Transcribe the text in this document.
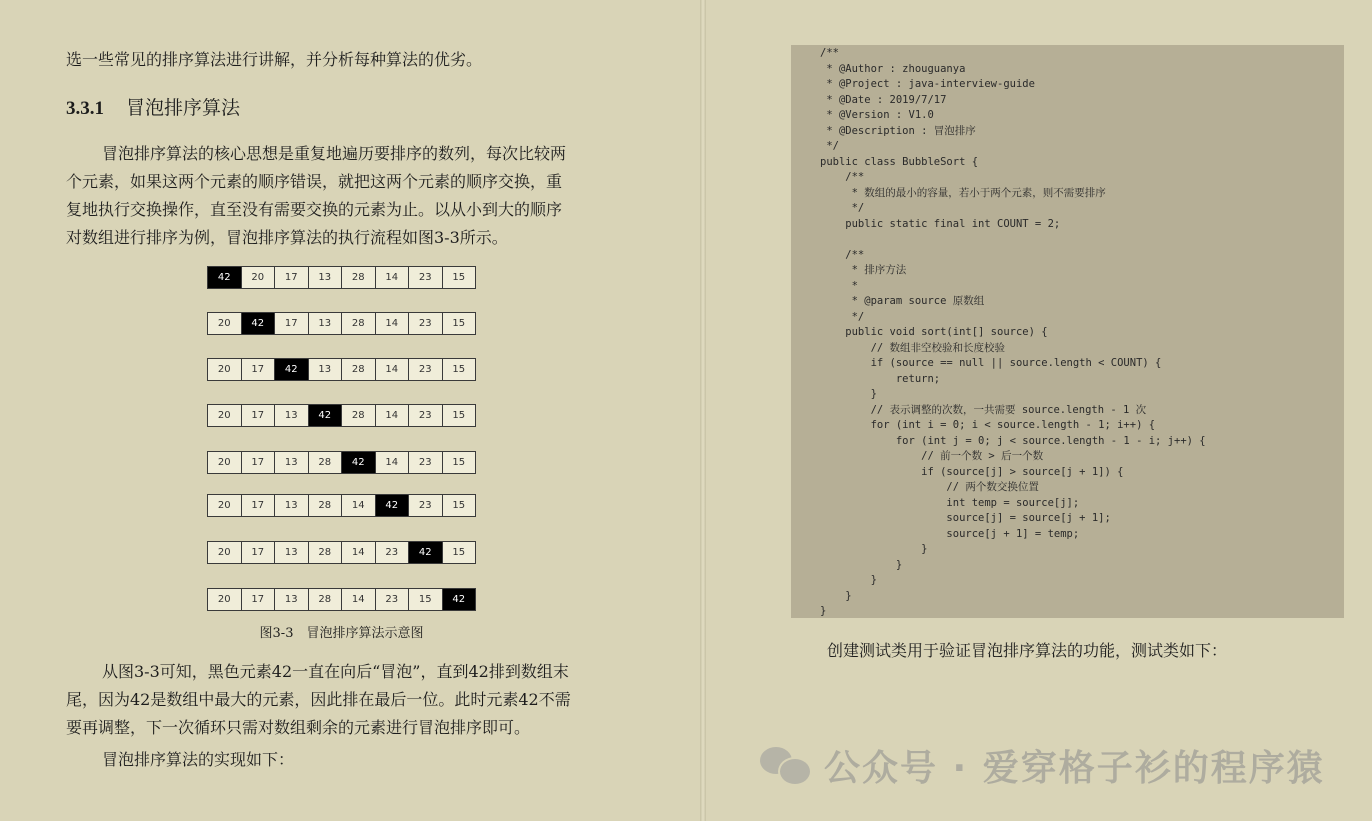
选一些常见的排序算法进行讲解，并分析每种算法的优劣。
3.3.1 冒泡排序算法
冒泡排序算法的核心思想是重复地遍历要排序的数列，每次比较两
个元素，如果这两个元素的顺序错误，就把这两个元素的顺序交换，重
复地执行交换操作，直至没有需要交换的元素为止。以从小到大的顺序
对数组进行排序为例，冒泡排序算法的执行流程如图3-3所示。
42	20	17	13	28	14	23	15
20	42	17	13	28	14	23	15
20	17	42	13	28	14	23	15
20	17	13	42	28	14	23	15
20	17	13	28	42	14	23	15
20	17	13	28	14	42	23	15
20	17	13	28	14	23	42	15
20	17	13	28	14	23	15	42
图3-3　冒泡排序算法示意图
从图3-3可知，黑色元素42一直在向后“冒泡”，直到42排到数组末
尾，因为42是数组中最大的元素，因此排在最后一位。此时元素42不需
要再调整，下一次循环只需对数组剩余的元素进行冒泡排序即可。
冒泡排序算法的实现如下：
/**
* @Author : zhouguanya
* @Project : java-interview-guide
* @Date : 2019/7/17
* @Version : V1.0
* @Description : 冒泡排序
*/
public class BubbleSort {
/**
* 数组的最小的容量，若小于两个元素，则不需要排序
*/
public static final int COUNT = 2;

/**
* 排序方法
*
* @param source 原数组
*/
public void sort(int[] source) {
// 数组非空校验和长度校验
if (source == null || source.length < COUNT) {
return;
}
// 表示调整的次数，一共需要 source.length - 1 次
for (int i = 0; i < source.length - 1; i++) {
for (int j = 0; j < source.length - 1 - i; j++) {
// 前一个数 > 后一个数
if (source[j] > source[j + 1]) {
// 两个数交换位置
int temp = source[j];
source[j] = source[j + 1];
source[j + 1] = temp;
}
}
}
}
}
创建测试类用于验证冒泡排序算法的功能，测试类如下：
公众号 · 爱穿格子衫的程序猿
